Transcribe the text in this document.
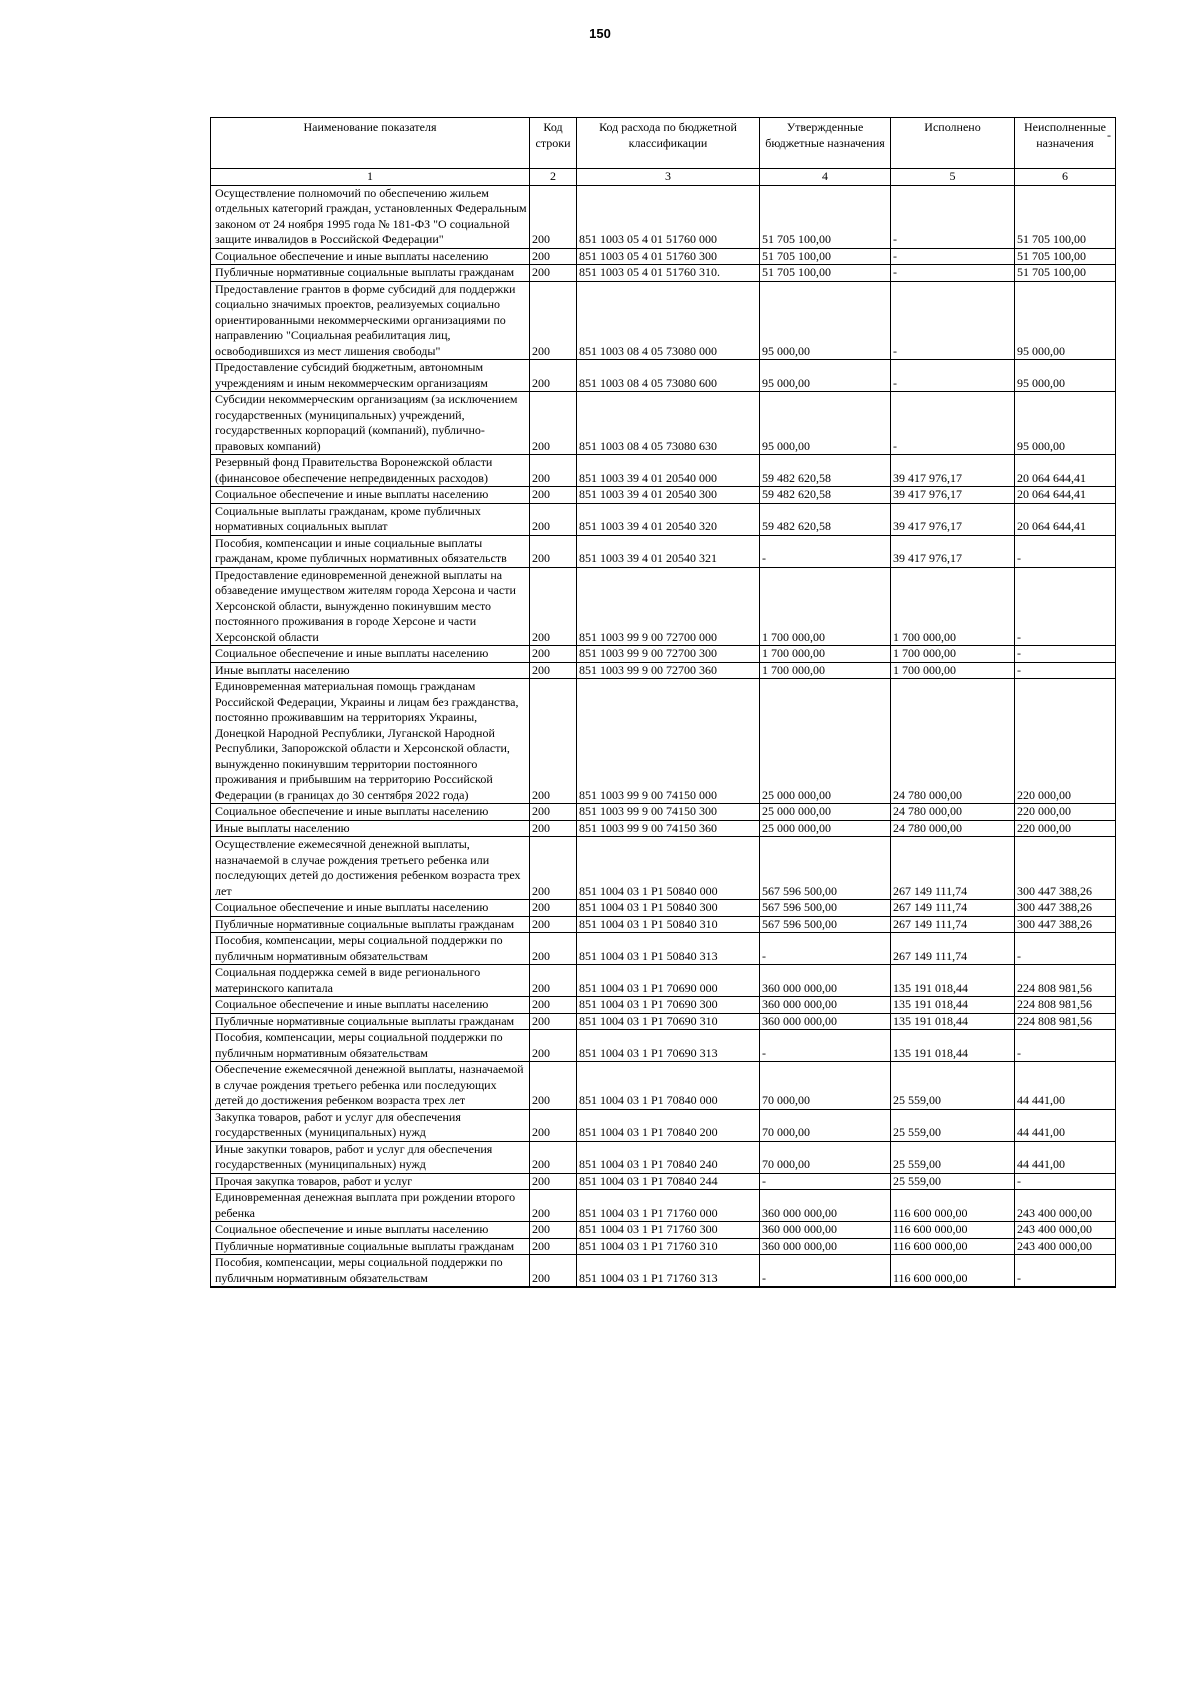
150
Наименование показателя	Код строки	Код расхода по бюджетной классификации	Утвержденные бюджетные назначения	Исполнено	Неисполненные назначения
1	2	3	4	5	6
Осуществление полномочий по обеспечению жильем отдельных категорий граждан, установленных Федеральным законом от 24 ноября 1995 года № 181-ФЗ "О социальной защите инвалидов в Российской Федерации"	200	851 1003 05 4 01 51760 000	51 705 100,00	-	51 705 100,00
Социальное обеспечение и иные выплаты населению	200	851 1003 05 4 01 51760 300	51 705 100,00	-	51 705 100,00
Публичные нормативные социальные выплаты гражданам	200	851 1003 05 4 01 51760 310.	51 705 100,00	-	51 705 100,00
Предоставление грантов в форме субсидий для поддержки социально значимых проектов, реализуемых социально ориентированными некоммерческими организациями по направлению "Социальная реабилитация лиц, освободившихся из мест лишения свободы"	200	851 1003 08 4 05 73080 000	95 000,00	-	95 000,00
Предоставление субсидий бюджетным, автономным учреждениям и иным некоммерческим организациям	200	851 1003 08 4 05 73080 600	95 000,00	-	95 000,00
Субсидии некоммерческим организациям (за исключением государственных (муниципальных) учреждений, государственных корпораций (компаний), публично-правовых компаний)	200	851 1003 08 4 05 73080 630	95 000,00	-	95 000,00
Резервный фонд Правительства Воронежской области (финансовое обеспечение непредвиденных расходов)	200	851 1003 39 4 01 20540 000	59 482 620,58	39 417 976,17	20 064 644,41
Социальное обеспечение и иные выплаты населению	200	851 1003 39 4 01 20540 300	59 482 620,58	39 417 976,17	20 064 644,41
Социальные выплаты гражданам, кроме публичных нормативных социальных выплат	200	851 1003 39 4 01 20540 320	59 482 620,58	39 417 976,17	20 064 644,41
Пособия, компенсации и иные социальные выплаты гражданам, кроме публичных нормативных обязательств	200	851 1003 39 4 01 20540 321	-	39 417 976,17	-
Предоставление единовременной денежной выплаты на обзаведение имуществом жителям города Херсона и части Херсонской области, вынужденно покинувшим место постоянного проживания в городе Херсоне и части Херсонской области	200	851 1003 99 9 00 72700 000	1 700 000,00	1 700 000,00	-
Социальное обеспечение и иные выплаты населению	200	851 1003 99 9 00 72700 300	1 700 000,00	1 700 000,00	-
Иные выплаты населению	200	851 1003 99 9 00 72700 360	1 700 000,00	1 700 000,00	-
Единовременная материальная помощь гражданам Российской Федерации, Украины и лицам без гражданства, постоянно проживавшим на территориях Украины, Донецкой Народной Республики, Луганской Народной Республики, Запорожской области и Херсонской области, вынужденно покинувшим территории постоянного проживания и прибывшим на территорию Российской Федерации (в границах до 30 сентября 2022 года)	200	851 1003 99 9 00 74150 000	25 000 000,00	24 780 000,00	220 000,00
Социальное обеспечение и иные выплаты населению	200	851 1003 99 9 00 74150 300	25 000 000,00	24 780 000,00	220 000,00
Иные выплаты населению	200	851 1003 99 9 00 74150 360	25 000 000,00	24 780 000,00	220 000,00
Осуществление ежемесячной денежной выплаты, назначаемой в случае рождения третьего ребенка или последующих детей до достижения ребенком возраста трех лет	200	851 1004 03 1 P1 50840 000	567 596 500,00	267 149 111,74	300 447 388,26
Социальное обеспечение и иные выплаты населению	200	851 1004 03 1 P1 50840 300	567 596 500,00	267 149 111,74	300 447 388,26
Публичные нормативные социальные выплаты гражданам	200	851 1004 03 1 P1 50840 310	567 596 500,00	267 149 111,74	300 447 388,26
Пособия, компенсации, меры социальной поддержки по публичным нормативным обязательствам	200	851 1004 03 1 P1 50840 313	-	267 149 111,74	-
Социальная поддержка семей в виде регионального материнского капитала	200	851 1004 03 1 P1 70690 000	360 000 000,00	135 191 018,44	224 808 981,56
Социальное обеспечение и иные выплаты населению	200	851 1004 03 1 P1 70690 300	360 000 000,00	135 191 018,44	224 808 981,56
Публичные нормативные социальные выплаты гражданам	200	851 1004 03 1 P1 70690 310	360 000 000,00	135 191 018,44	224 808 981,56
Пособия, компенсации, меры социальной поддержки по публичным нормативным обязательствам	200	851 1004 03 1 P1 70690 313	-	135 191 018,44	-
Обеспечение ежемесячной денежной выплаты, назначаемой в случае рождения третьего ребенка или последующих детей до достижения ребенком возраста трех лет	200	851 1004 03 1 P1 70840 000	70 000,00	25 559,00	44 441,00
Закупка товаров, работ и услуг для обеспечения государственных (муниципальных) нужд	200	851 1004 03 1 P1 70840 200	70 000,00	25 559,00	44 441,00
Иные закупки товаров, работ и услуг для обеспечения государственных (муниципальных) нужд	200	851 1004 03 1 P1 70840 240	70 000,00	25 559,00	44 441,00
Прочая закупка товаров, работ и услуг	200	851 1004 03 1 P1 70840 244	-	25 559,00	-
Единовременная денежная выплата при рождении второго ребенка	200	851 1004 03 1 P1 71760 000	360 000 000,00	116 600 000,00	243 400 000,00
Социальное обеспечение и иные выплаты населению	200	851 1004 03 1 P1 71760 300	360 000 000,00	116 600 000,00	243 400 000,00
Публичные нормативные социальные выплаты гражданам	200	851 1004 03 1 P1 71760 310	360 000 000,00	116 600 000,00	243 400 000,00
Пособия, компенсации, меры социальной поддержки по публичным нормативным обязательствам	200	851 1004 03 1 P1 71760 313	-	116 600 000,00	-
-
